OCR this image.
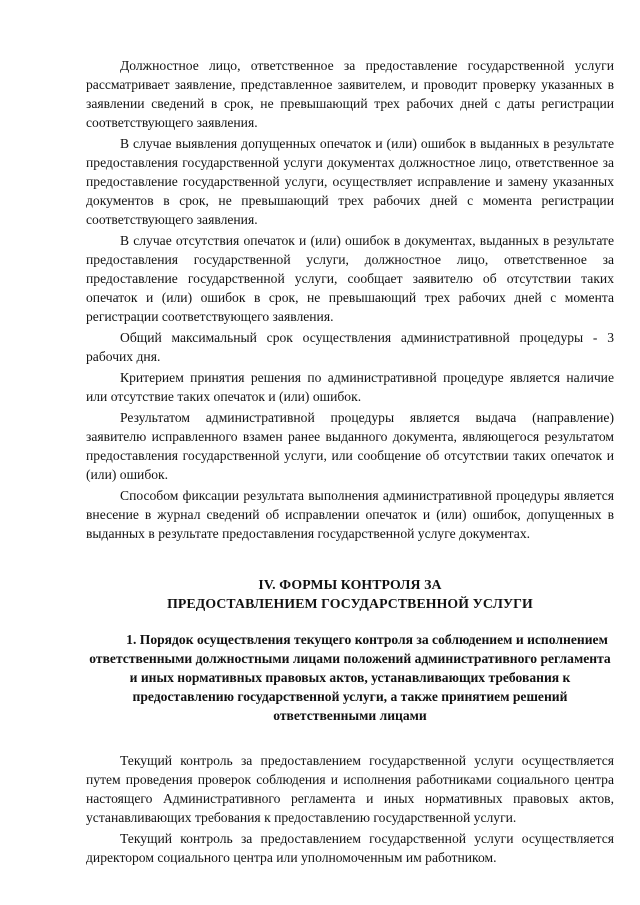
Должностное лицо, ответственное за предоставление государственной услуги рассматривает заявление, представленное заявителем, и проводит проверку указанных в заявлении сведений в срок, не превышающий трех рабочих дней с даты регистрации соответствующего заявления.

В случае выявления допущенных опечаток и (или) ошибок в выданных в результате предоставления государственной услуги документах должностное лицо, ответственное за предоставление государственной услуги, осуществляет исправление и замену указанных документов в срок, не превышающий трех рабочих дней с момента регистрации соответствующего заявления.

В случае отсутствия опечаток и (или) ошибок в документах, выданных в результате предоставления государственной услуги, должностное лицо, ответственное за предоставление государственной услуги, сообщает заявителю об отсутствии таких опечаток и (или) ошибок в срок, не превышающий трех рабочих дней с момента регистрации соответствующего заявления.

Общий максимальный срок осуществления административной процедуры - 3 рабочих дня.

Критерием принятия решения по административной процедуре является наличие или отсутствие таких опечаток и (или) ошибок.

Результатом административной процедуры является выдача (направление) заявителю исправленного взамен ранее выданного документа, являющегося результатом предоставления государственной услуги, или сообщение об отсутствии таких опечаток и (или) ошибок.

Способом фиксации результата выполнения административной процедуры является внесение в журнал сведений об исправлении опечаток и (или) ошибок, допущенных в выданных в результате предоставления государственной услуге документах.

IV. ФОРМЫ КОНТРОЛЯ ЗА

ПРЕДОСТАВЛЕНИЕМ ГОСУДАРСТВЕННОЙ УСЛУГИ

1. Порядок осуществления текущего контроля за соблюдением и исполнением ответственными должностными лицами положений административного регламента и иных нормативных правовых актов, устанавливающих требования к предоставлению государственной услуги, а также принятием решений ответственными лицами

Текущий контроль за предоставлением государственной услуги осуществляется путем проведения проверок соблюдения и исполнения работниками социального центра настоящего Административного регламента и иных нормативных правовых актов, устанавливающих требования к предоставлению государственной услуги.

Текущий контроль за предоставлением государственной услуги осуществляется директором социального центра или уполномоченным им работником.
